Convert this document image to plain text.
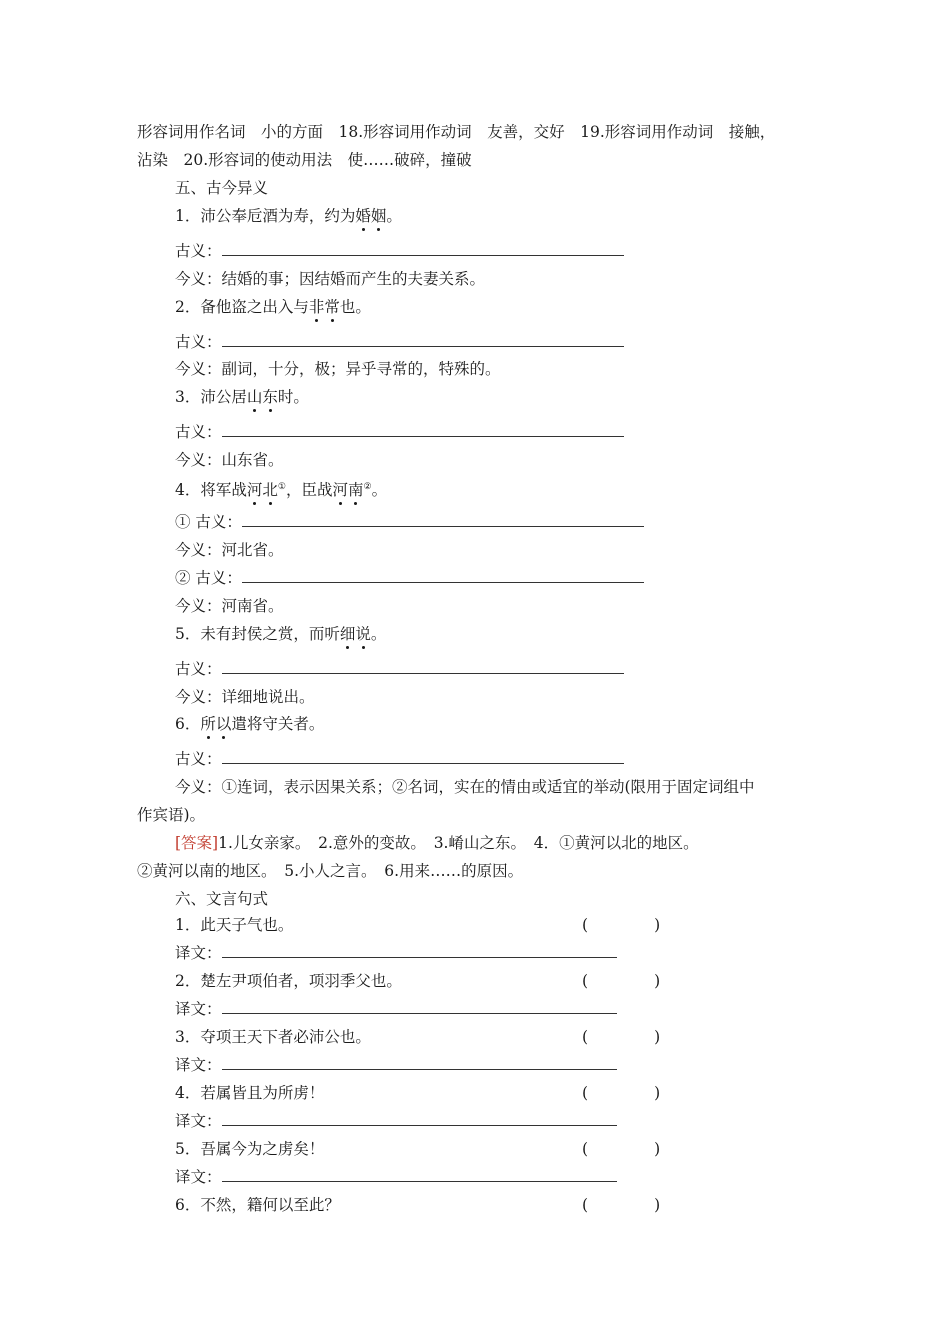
形容词用作名词　小的方面　18.形容词用作动词　友善，交好　19.形容词用作动词　接触，
沾染　20.形容词的使动用法　使……破碎，撞破
五、古今异义
1．沛公奉卮酒为寿，约为婚姻。
古义：
今义：结婚的事；因结婚而产生的夫妻关系。
2．备他盗之出入与非常也。
古义：
今义：副词，十分，极；异乎寻常的，特殊的。
3．沛公居山东时。
古义：
今义：山东省。
4．将军战河北①，臣战河南②。
① 古义：
今义：河北省。
② 古义：
今义：河南省。
5．未有封侯之赏，而听细说。
古义：
今义：详细地说出。
6．所以遣将守关者。
古义：
今义：①连词，表示因果关系；②名词，实在的情由或适宜的举动(限用于固定词组中
作宾语)。
[答案]1.儿女亲家。　2.意外的变故。　3.崤山之东。　4．①黄河以北的地区。
②黄河以南的地区。　5.小人之言。　6.用来……的原因。
六、文言句式
1．此天子气也。	(	)
译文：
2．楚左尹项伯者，项羽季父也。	(	)
译文：
3．夺项王天下者必沛公也。	(	)
译文：
4．若属皆且为所虏！	(	)
译文：
5．吾属今为之虏矣！	(	)
译文：
6．不然，籍何以至此？	(	)
